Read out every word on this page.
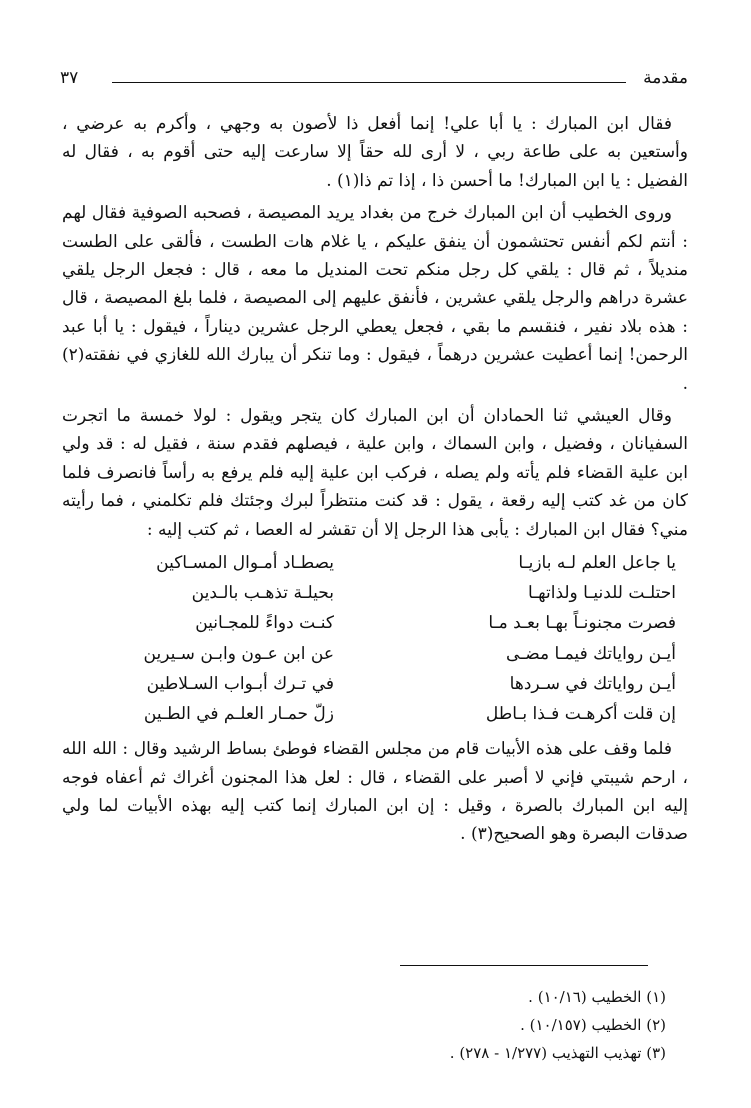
مقدمة
٣٧

فقال ابن المبارك : يا أبا علي! إنما أفعل ذا لأصون به وجهي ، وأكرم به عرضي ، وأستعين به على طاعة ربي ، لا أرى لله حقاً إلا سارعت إليه حتى أقوم به ، فقال له الفضيل : يا ابن المبارك! ما أحسن ذا ، إذا تم ذا(١) .

وروى الخطيب أن ابن المبارك خرج من بغداد يريد المصيصة ، فصحبه الصوفية فقال لهم : أنتم لكم أنفس تحتشمون أن ينفق عليكم ، يا غلام هات الطست ، فألقى على الطست منديلاً ، ثم قال : يلقي كل رجل منكم تحت المنديل ما معه ، قال : فجعل الرجل يلقي عشرة دراهم والرجل يلقي عشرين ، فأنفق عليهم إلى المصيصة ، فلما بلغ المصيصة ، قال : هذه بلاد نفير ، فنقسم ما بقي ، فجعل يعطي الرجل عشرين ديناراً ، فيقول : يا أبا عبد الرحمن! إنما أعطيت عشرين درهماً ، فيقول : وما تنكر أن يبارك الله للغازي في نفقته(٢) .

وقال العيشي ثنا الحمادان أن ابن المبارك كان يتجر ويقول : لولا خمسة ما اتجرت السفيانان ، وفضيل ، وابن السماك ، وابن علية ، فيصلهم فقدم سنة ، فقيل له : قد ولي ابن علية القضاء فلم يأته ولم يصله ، فركب ابن علية إليه فلم يرفع به رأساً فانصرف فلما كان من غد كتب إليه رقعة ، يقول : قد كنت منتظراً لبرك وجئتك فلم تكلمني ، فما رأيته مني؟ فقال ابن المبارك : يأبى هذا الرجل إلا أن تقشر له العصا ، ثم كتب إليه :

يا جاعل العلم لـه بازيـا
يصطـاد أمـوال المسـاكين
احتلـت للدنيـا ولذاتهـا
بحيلـة تذهـب بالـدين
فصرت مجنونـاً بهـا بعـد مـا
كنـت دواءً للمجـانين
أيـن رواياتك فيمـا مضـى
عن ابن عـون وابـن سـيرين
أيـن رواياتك في سـردها
في تـرك أبـواب السـلاطين
إن قلت أكرهـت فـذا بـاطل
زلّ حمـار العلـم في الطـين

فلما وقف على هذه الأبيات قام من مجلس القضاء فوطئ بساط الرشيد وقال : الله الله ، ارحم شيبتي فإني لا أصبر على القضاء ، قال : لعل هذا المجنون أغراك ثم أعفاه فوجه إليه ابن المبارك بالصرة ، وقيل : إن ابن المبارك إنما كتب إليه بهذه الأبيات لما ولي صدقات البصرة وهو الصحيح(٣) .

(١) الخطيب (١٠/١٦) .
(٢) الخطيب (١٠/١٥٧) .
(٣) تهذيب التهذيب (١/٢٧٧ - ٢٧٨) .
